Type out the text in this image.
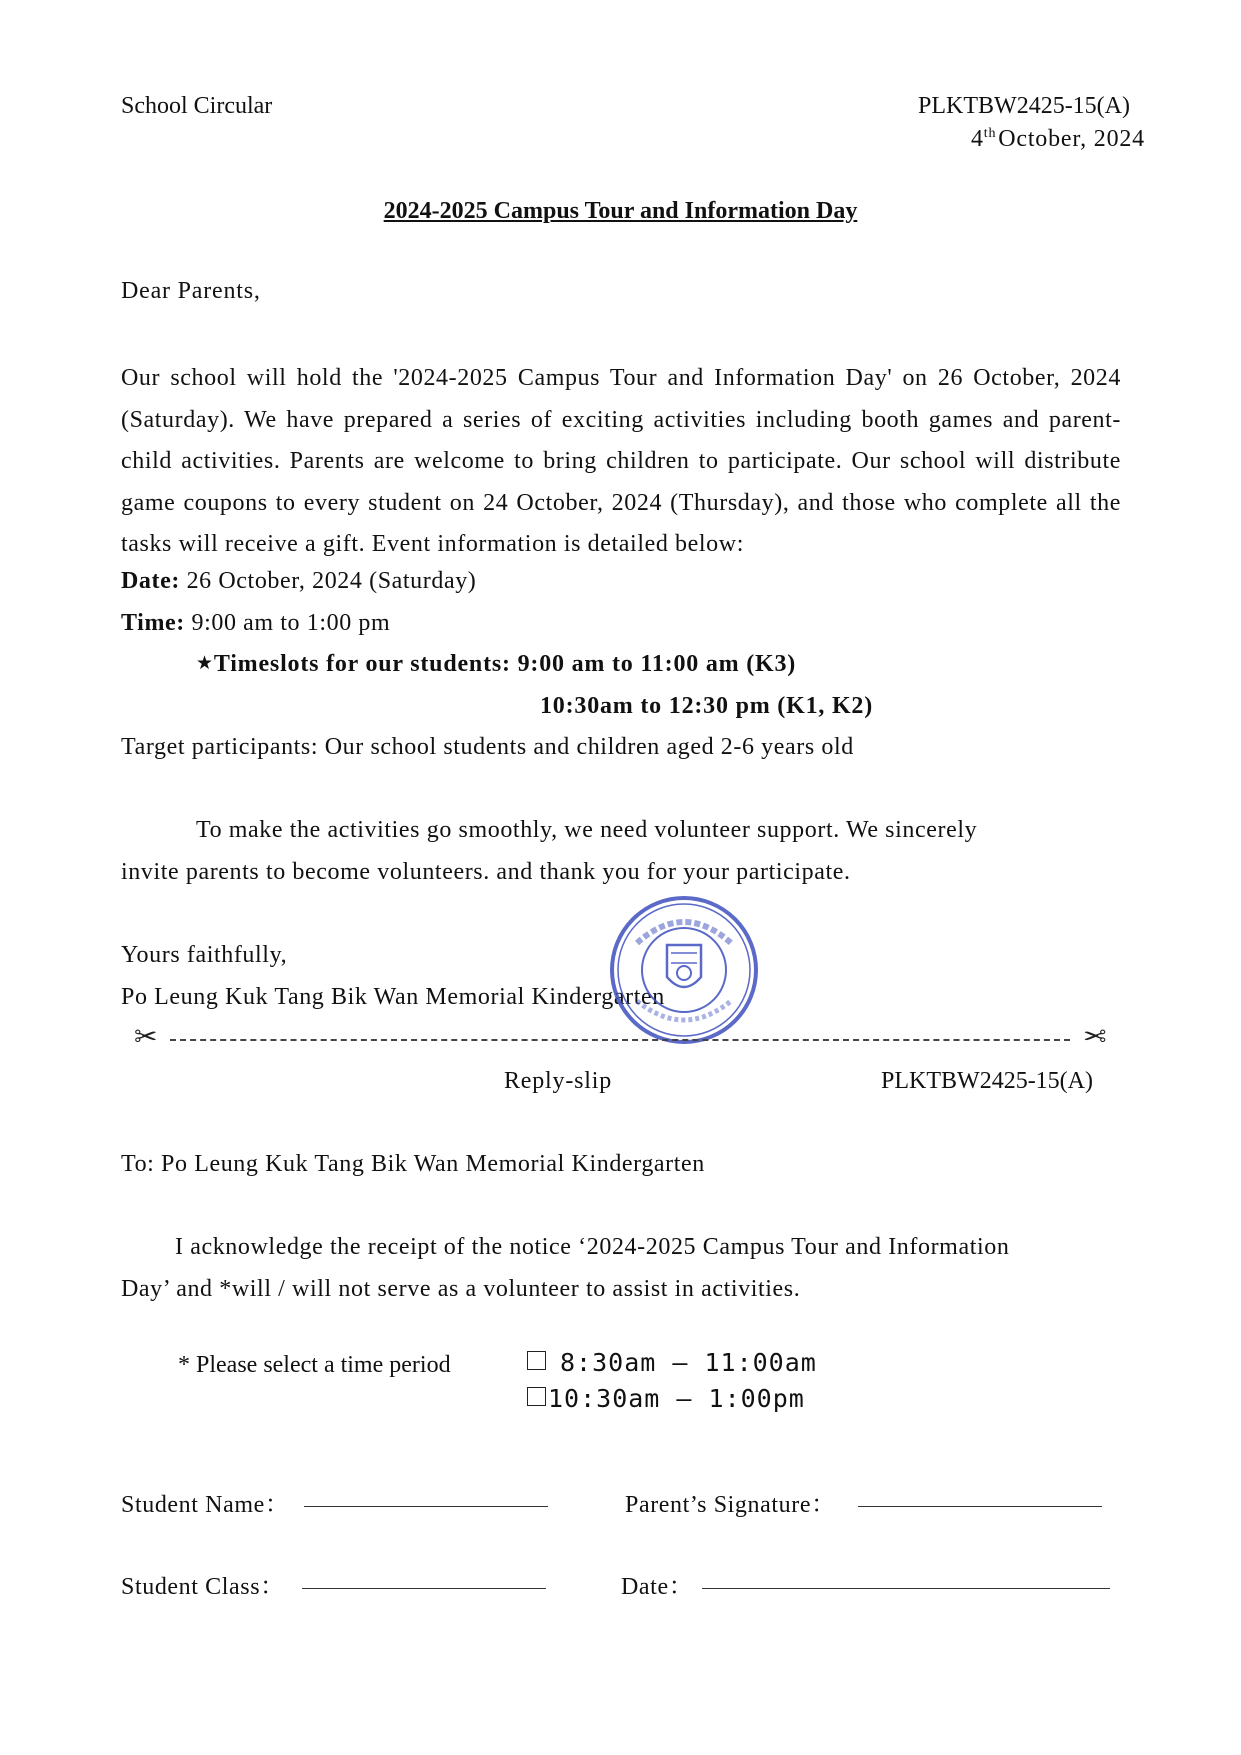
School Circular	PLKTBW2425-15(A)
4thOctober, 2024
2024-2025 Campus Tour and Information Day
Dear Parents,
Our school will hold the '2024-2025 Campus Tour and Information Day' on 26 October, 2024 (Saturday). We have prepared a series of exciting activities including booth games and parent-child activities. Parents are welcome to bring children to participate. Our school will distribute game coupons to every student on 24 October, 2024 (Thursday), and those who complete all the tasks will receive a gift. Event information is detailed below:
Date: 26 October, 2024 (Saturday)
Time: 9:00 am to 1:00 pm
★Timeslots for our students: 9:00 am to 11:00 am (K3)
10:30am to 12:30 pm (K1, K2)
Target participants: Our school students and children aged 2-6 years old
To make the activities go smoothly, we need volunteer support. We sincerely
invite parents to become volunteers. and thank you for your participate.
Yours faithfully,
Po Leung Kuk Tang Bik Wan Memorial Kindergarten
✂	✂
Reply-slip	PLKTBW2425-15(A)
To: Po Leung Kuk Tang Bik Wan Memorial Kindergarten
I acknowledge the receipt of the notice ‘2024-2025 Campus Tour and Information
Day’ and *will / will not serve as a volunteer to assist in activities.
* Please select a time period	8:30am – 11:00am
10:30am – 1:00pm
Student Name：	Parent’s Signature：
Student Class：	Date：
